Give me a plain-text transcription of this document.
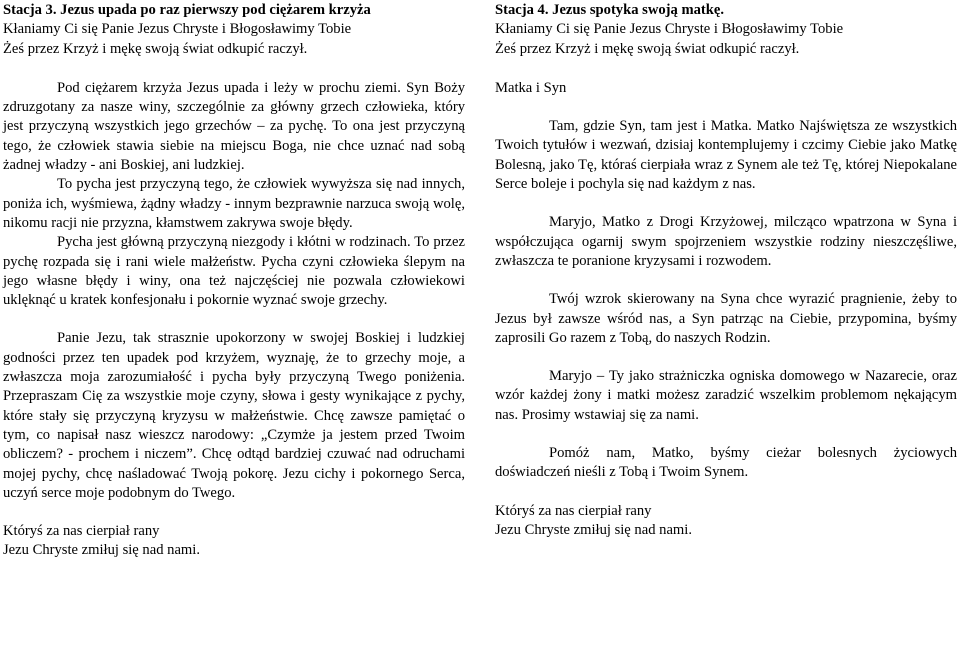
Stacja 3. Jezus upada po raz pierwszy pod ciężarem krzyża
Kłaniamy Ci się Panie Jezus Chryste i Błogosławimy Tobie
Żeś przez Krzyż i mękę swoją świat odkupić raczył.

Pod ciężarem krzyża Jezus upada i leży w prochu ziemi. Syn Boży zdruzgotany za nasze winy, szczególnie za główny grzech człowieka, który jest przyczyną wszystkich jego grzechów – za pychę. To ona jest przyczyną tego, że człowiek stawia siebie na miejscu Boga, nie chce uznać nad sobą żadnej władzy - ani Boskiej, ani ludzkiej.

To pycha jest przyczyną tego, że człowiek wywyższa się nad innych, poniża ich, wyśmiewa, żądny władzy - innym bezprawnie narzuca swoją wolę, nikomu racji nie przyzna, kłamstwem zakrywa swoje błędy.

Pycha jest główną przyczyną niezgody i kłótni w rodzinach. To przez pychę rozpada się i rani wiele małżeństw. Pycha czyni człowieka ślepym na jego własne błędy i winy, ona też najczęściej nie pozwala człowiekowi uklęknąć u kratek konfesjonału i pokornie wyznać swoje grzechy.

Panie Jezu, tak strasznie upokorzony w swojej Boskiej i ludzkiej godności przez ten upadek pod krzyżem, wyznaję, że to grzechy moje, a zwłaszcza moja zarozumiałość i pycha były przyczyną Twego poniżenia. Przepraszam Cię za wszystkie moje czyny, słowa i gesty wynikające z pychy, które stały się przyczyną kryzysu w małżeństwie. Chcę zawsze pamiętać o tym, co napisał nasz wieszcz narodowy: „Czymże ja jestem przed Twoim obliczem? - prochem i niczem”. Chcę odtąd bardziej czuwać nad odruchami mojej pychy, chcę naśladować Twoją pokorę. Jezu cichy i pokornego Serca, uczyń serce moje podobnym do Twego.

Któryś za nas cierpiał rany
Jezu Chryste zmiłuj się nad nami.
Stacja 4. Jezus spotyka swoją matkę.
Kłaniamy Ci się Panie Jezus Chryste i Błogosławimy Tobie
Żeś przez Krzyż i mękę swoją świat odkupić raczył.

Matka i Syn

Tam, gdzie Syn, tam jest i Matka. Matko Najświętsza ze wszystkich Twoich tytułów i wezwań, dzisiaj kontemplujemy i czcimy Ciebie jako Matkę Bolesną, jako Tę, któraś cierpiała wraz z Synem ale też Tę, której Niepokalane Serce boleje i pochyla się nad każdym z nas.

Maryjo, Matko z Drogi Krzyżowej, milcząco wpatrzona w Syna i współczująca ogarnij swym spojrzeniem wszystkie rodziny nieszczęśliwe, zwłaszcza te poranione kryzysami i rozwodem.

Twój wzrok skierowany na Syna chce wyrazić pragnienie, żeby to Jezus był zawsze wśród nas, a Syn patrząc na Ciebie, przypomina, byśmy zaprosili Go razem z Tobą, do naszych Rodzin.

Maryjo – Ty jako strażniczka ogniska domowego w Nazarecie, oraz wzór każdej żony i matki możesz zaradzić wszelkim problemom nękającym nas. Prosimy wstawiaj się za nami.

Pomóż nam, Matko, byśmy cieżar bolesnych życiowych doświadczeń nieśli z Tobą i Twoim Synem.

Któryś za nas cierpiał rany
Jezu Chryste zmiłuj się nad nami.
